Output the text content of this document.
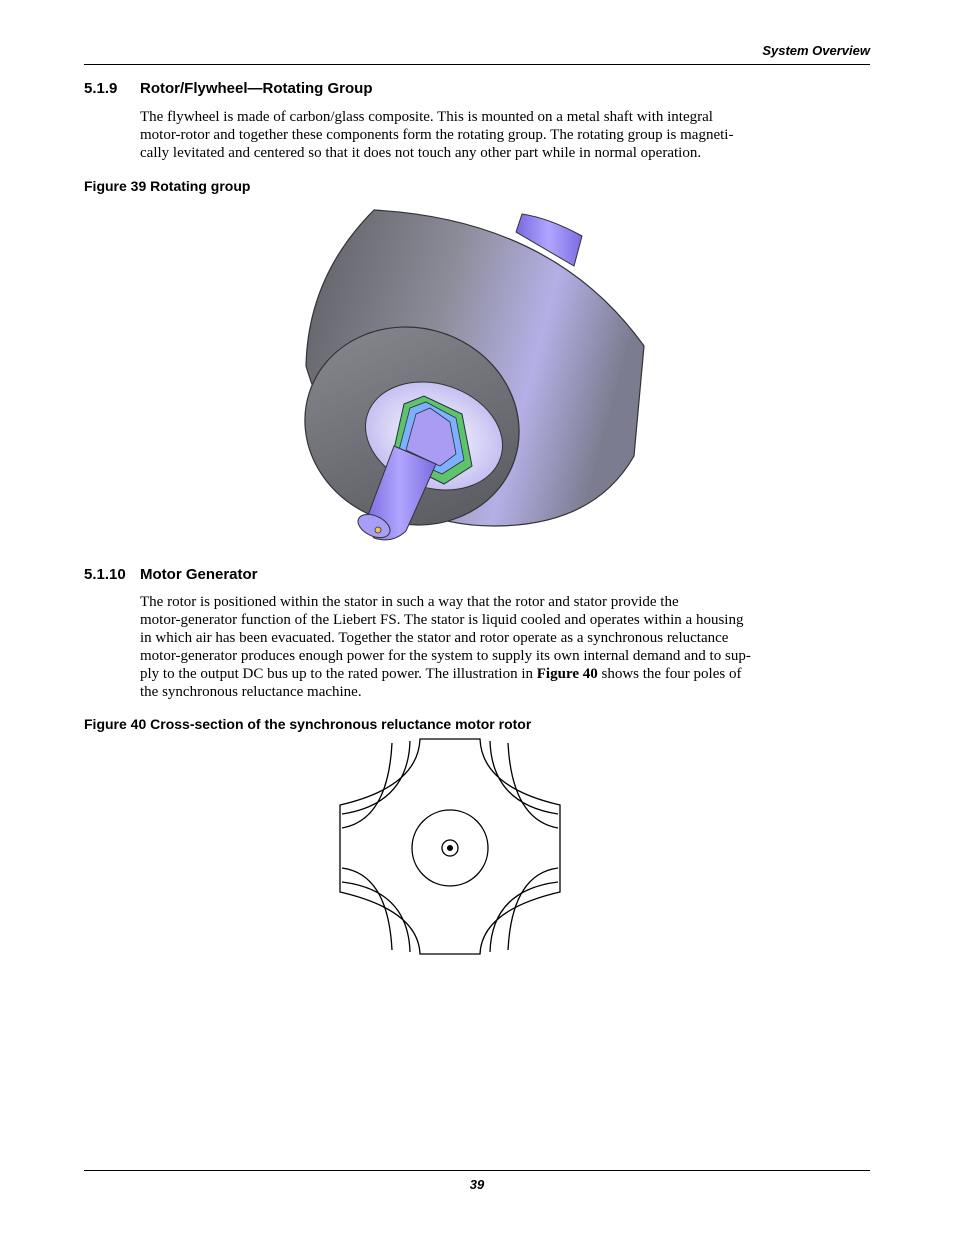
System Overview
5.1.9 Rotor/Flywheel—Rotating Group
The flywheel is made of carbon/glass composite. This is mounted on a metal shaft with integral
motor-rotor and together these components form the rotating group. The rotating group is magneti-
cally levitated and centered so that it does not touch any other part while in normal operation.
Figure 39 Rotating group
5.1.10 Motor Generator
The rotor is positioned within the stator in such a way that the rotor and stator provide the
motor-generator function of the Liebert FS. The stator is liquid cooled and operates within a housing
in which air has been evacuated. Together the stator and rotor operate as a synchronous reluctance
motor-generator produces enough power for the system to supply its own internal demand and to sup-
ply to the output DC bus up to the rated power. The illustration in Figure 40 shows the four poles of
the synchronous reluctance machine.
Figure 40 Cross-section of the synchronous reluctance motor rotor
39
